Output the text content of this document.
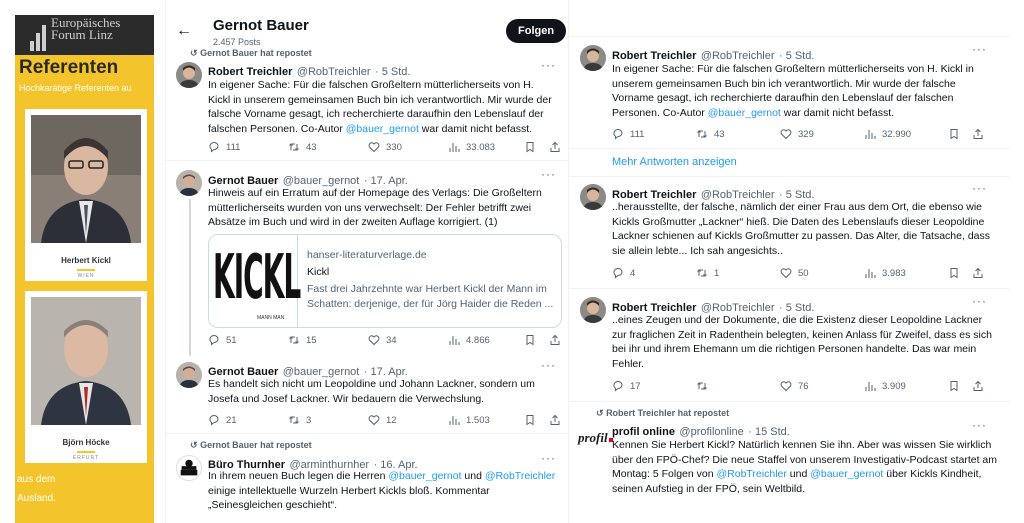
Europäisches Forum Linz
Referenten
Hochkarätige Referenten au
Herbert Kickl
WIEN
Björn Höcke
ERFURT
aus dem Ausland.
← Gernot Bauer
2.457 Posts
Folgen
↺ Gernot Bauer hat repostet
Robert Treichler @RobTreichler · 5 Std.	···
In eigener Sache: Für die falschen Großeltern mütterlicherseits von H. Kickl in unserem gemeinsamen Buch bin ich verantwortlich. Mir wurde der falsche Vorname gesagt, ich recherchierte daraufhin den Lebenslauf der falschen Personen. Co-Autor @bauer_gernot war damit nicht befasst.
111	43	330	33.083
Gernot Bauer @bauer_gernot · 17. Apr.	···
Hinweis auf ein Erratum auf der Homepage des Verlags: Die Großeltern mütterlicherseits wurden von uns verwechselt: Der Fehler betrifft zwei Absätze im Buch und wird in der zweiten Auflage korrigiert. (1)
KICKL
MANN MAN
hanser-literaturverlage.de
Kickl
Fast drei Jahrzehnte war Herbert Kickl der Mann im Schatten: derjenige, der für Jörg Haider die Reden ...
51	15	34	4.866
Gernot Bauer @bauer_gernot · 17. Apr.	···
Es handelt sich nicht um Leopoldine und Johann Lackner, sondern um Josefa und Josef Lackner. Wir bedauern die Verwechslung.
21	3	12	1.503
↺ Gernot Bauer hat repostet
Büro Thurnher @arminthurnher · 16. Apr.	···
In ihrem neuen Buch legen die Herren @bauer_gernot und @RobTreichler einige intellektuelle Wurzeln Herbert Kickls bloß. Kommentar „Seinesgleichen geschieht“.
Robert Treichler @RobTreichler · 5 Std.	···
In eigener Sache: Für die falschen Großeltern mütterlicherseits von H. Kickl in unserem gemeinsamen Buch bin ich verantwortlich. Mir wurde der falsche Vorname gesagt, ich recherchierte daraufhin den Lebenslauf der falschen Personen. Co-Autor @bauer_gernot war damit nicht befasst.
111	43	329	32.990
Mehr Antworten anzeigen
Robert Treichler @RobTreichler · 5 Std.	···
..herausstellte, der falsche, nämlich der einer Frau aus dem Ort, die ebenso wie Kickls Großmutter „Lackner“ hieß. Die Daten des Lebenslaufs dieser Leopoldine Lackner schienen auf Kickls Großmutter zu passen. Das Alter, die Tatsache, dass sie allein lebte... Ich sah angesichts..
4	1	50	3.983
Robert Treichler @RobTreichler · 5 Std.	···
..eines Zeugen und der Dokumente, die die Existenz dieser Leopoldine Lackner zur fraglichen Zeit in Radenthein belegten, keinen Anlass für Zweifel, dass es sich bei ihr und ihrem Ehemann um die richtigen Personen handelte. Das war mein Fehler.
17	76	3.909
↺ Robert Treichler hat repostet
profil profil online @profilonline · 15 Std.	···
Kennen Sie Herbert Kickl? Natürlich kennen Sie ihn. Aber was wissen Sie wirklich über den FPÖ-Chef? Die neue Staffel von unserem Investigativ-Podcast startet am Montag: 5 Folgen von @RobTreichler und @bauer_gernot über Kickls Kindheit, seinen Aufstieg in der FPÖ, sein Weltbild.
